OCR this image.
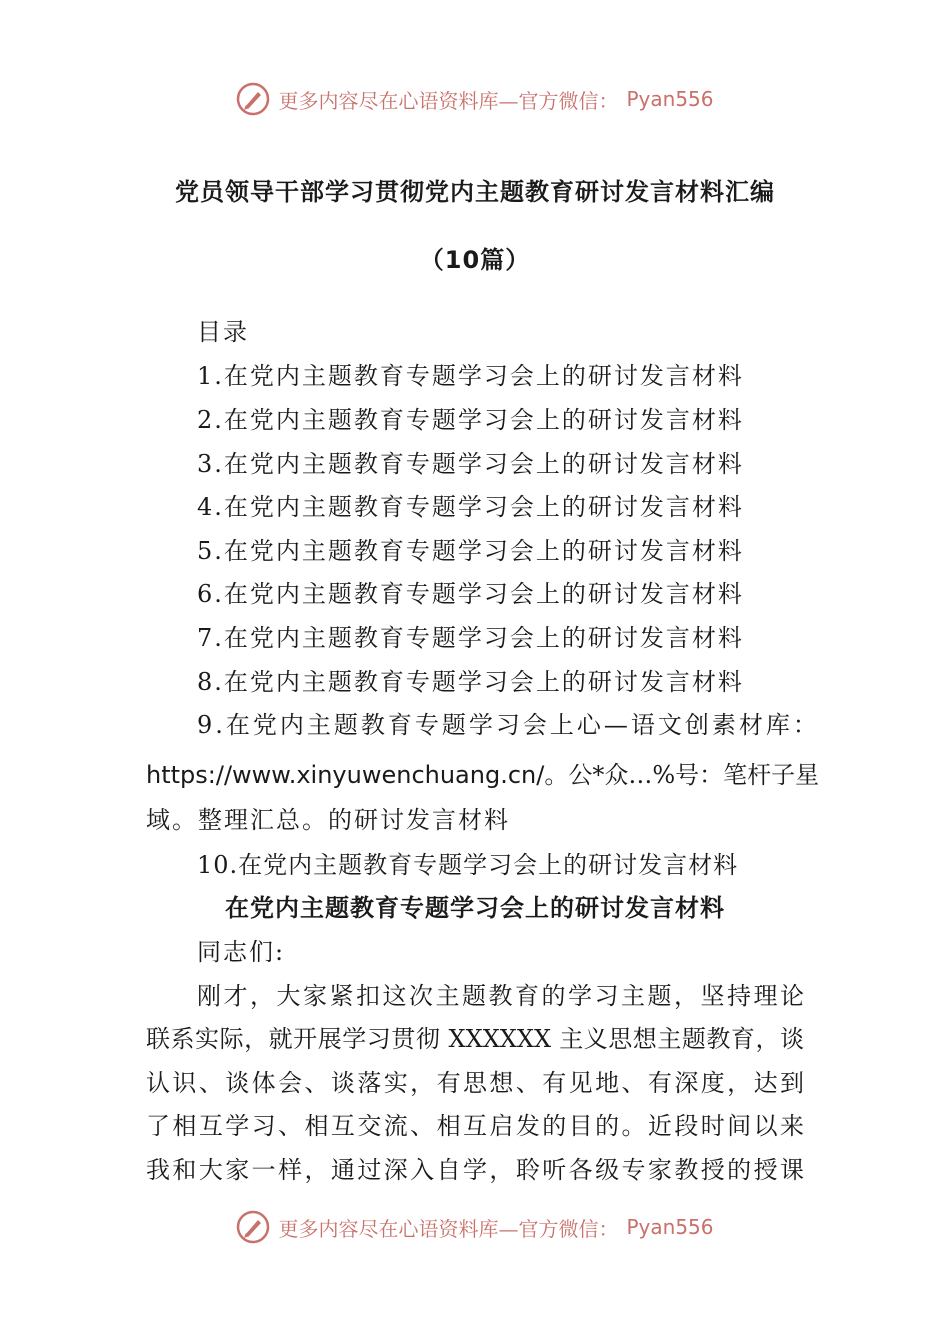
更多内容尽在心语资料库—官方微信： Pyan556
党员领导干部学习贯彻党内主题教育研讨发言材料汇编
（10篇）
目录
1.在党内主题教育专题学习会上的研讨发言材料
2.在党内主题教育专题学习会上的研讨发言材料
3.在党内主题教育专题学习会上的研讨发言材料
4.在党内主题教育专题学习会上的研讨发言材料
5.在党内主题教育专题学习会上的研讨发言材料
6.在党内主题教育专题学习会上的研讨发言材料
7.在党内主题教育专题学习会上的研讨发言材料
8.在党内主题教育专题学习会上的研讨发言材料
9.在党内主题教育专题学习会上心—语文创素材库：
https://www.xinyuwenchuang.cn/。公*众…%号：笔杆子星
域。整理汇总。的研讨发言材料
10.在党内主题教育专题学习会上的研讨发言材料
在党内主题教育专题学习会上的研讨发言材料
同志们:
刚才，大家紧扣这次主题教育的学习主题，坚持理论
联系实际，就开展学习贯彻 XXXXXX 主义思想主题教育，谈
认识、谈体会、谈落实，有思想、有见地、有深度，达到
了相互学习、相互交流、相互启发的目的。近段时间以来
我和大家一样，通过深入自学，聆听各级专家教授的授课
更多内容尽在心语资料库—官方微信： Pyan556
